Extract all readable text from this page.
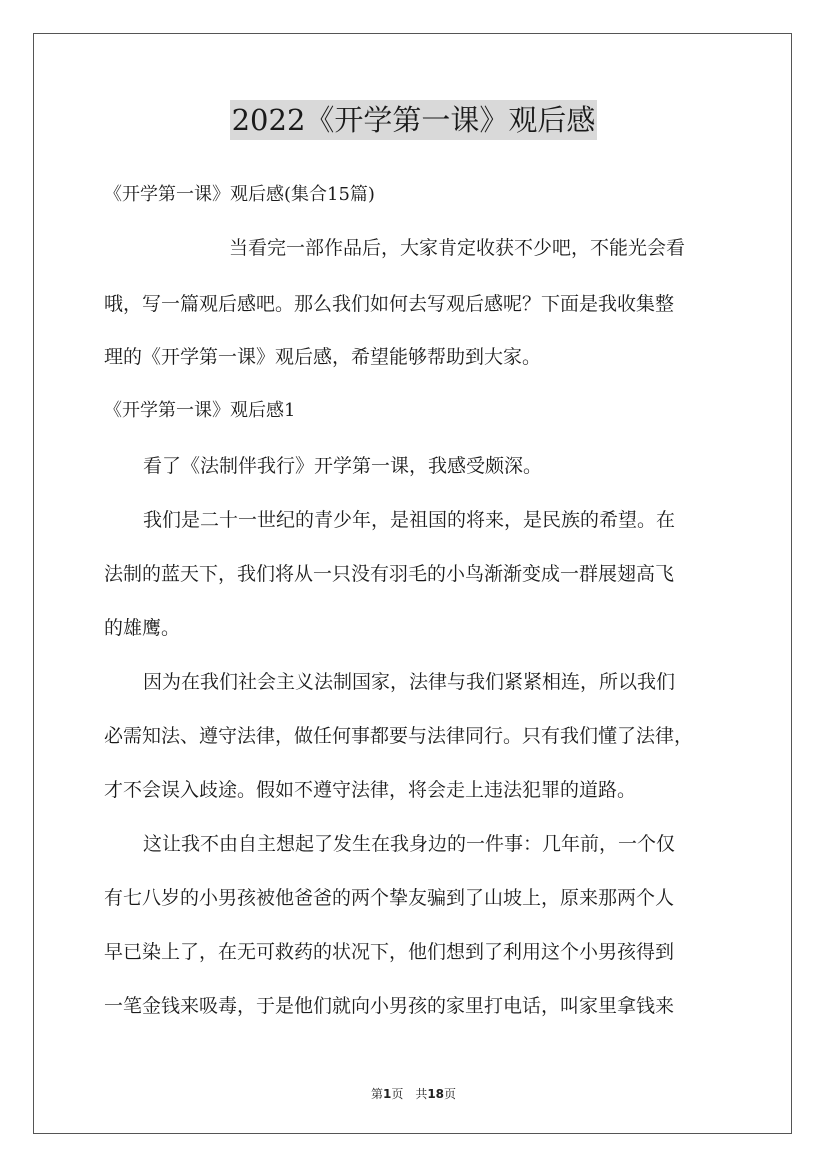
2022《开学第一课》观后感
《开学第一课》观后感(集合15篇)
当看完一部作品后，大家肯定收获不少吧，不能光会看
哦，写一篇观后感吧。那么我们如何去写观后感呢？下面是我收集整
理的《开学第一课》观后感，希望能够帮助到大家。
《开学第一课》观后感1
看了《法制伴我行》开学第一课，我感受颇深。
我们是二十一世纪的青少年，是祖国的将来，是民族的希望。在
法制的蓝天下，我们将从一只没有羽毛的小鸟渐渐变成一群展翅高飞
的雄鹰。
因为在我们社会主义法制国家，法律与我们紧紧相连，所以我们
必需知法、遵守法律，做任何事都要与法律同行。只有我们懂了法律，
才不会误入歧途。假如不遵守法律，将会走上违法犯罪的道路。
这让我不由自主想起了发生在我身边的一件事：几年前，一个仅
有七八岁的小男孩被他爸爸的两个挚友骗到了山坡上，原来那两个人
早已染上了，在无可救药的状况下，他们想到了利用这个小男孩得到
一笔金钱来吸毒，于是他们就向小男孩的家里打电话，叫家里拿钱来
第1页　共18页
